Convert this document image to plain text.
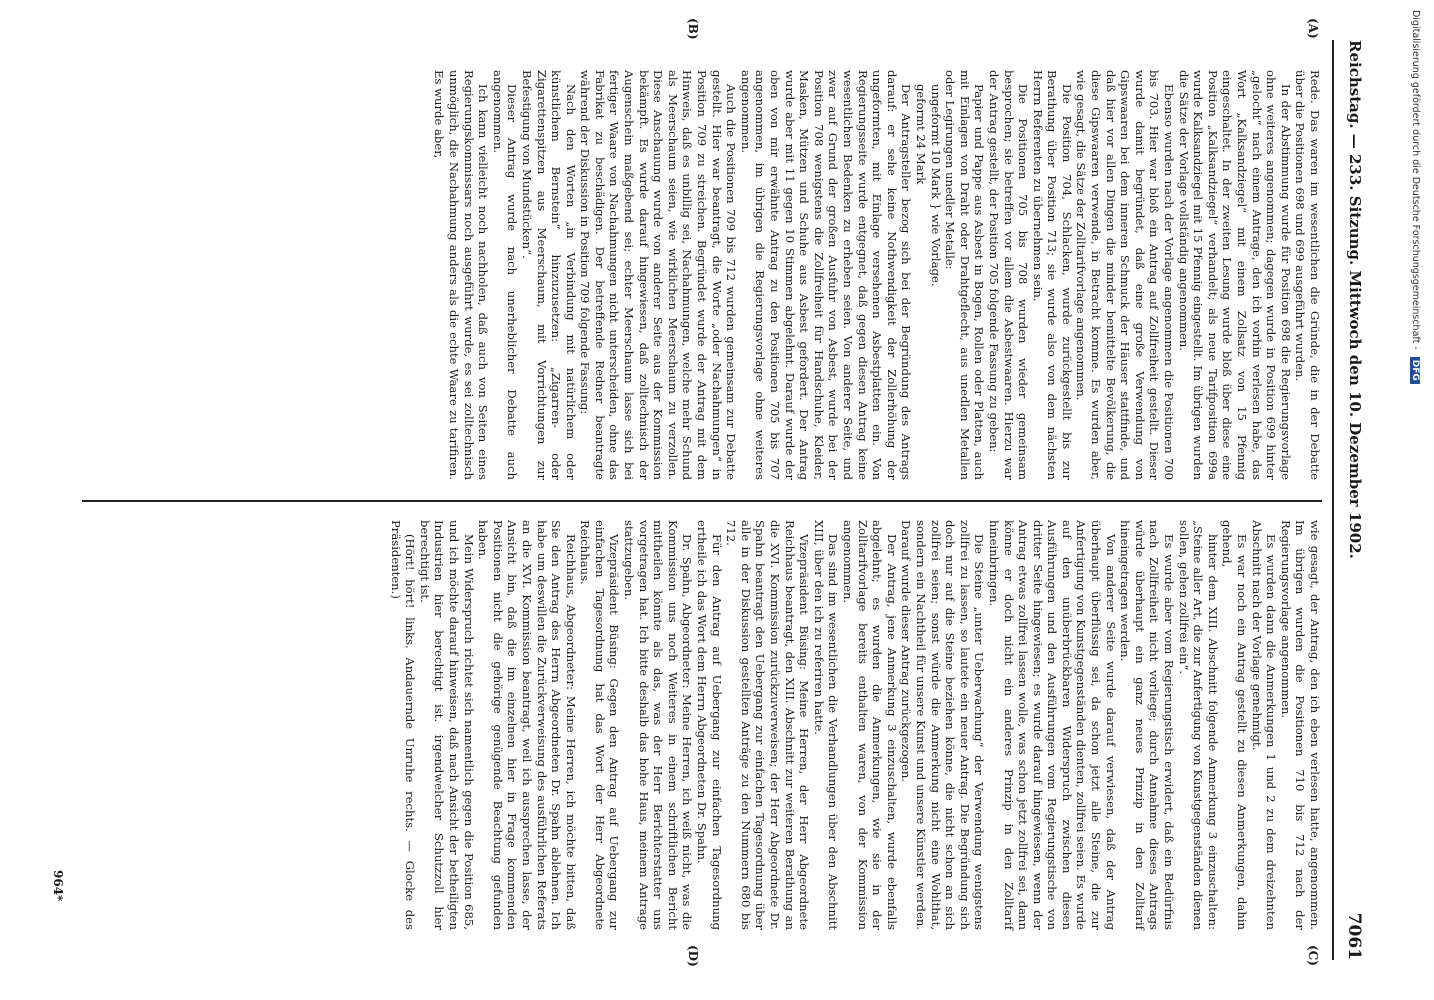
Reichstag. — 233. Sitzung. Mittwoch den 10. Dezember 1902.
7061
(A)
(B)
(C)
(D)

Rede. Das waren im wesentlichen die Gründe, die in der Debatte über die Positionen 698 und 699 ausgeführt wurden.

In der Abstimmung wurde für Position 698 die Regierungsvorlage ohne weiteres angenommen; dagegen wurde in Position 699 hinter „gelocht“ nach einem Antrage, den ich vorhin verlesen habe, das Wort „Kalksandziegel“ mit einem Zollsatz von 15 Pfennig eingeschaltet. In der zweiten Lesung wurde bloß über diese eine Position „Kalksandziegel“ verhandelt; als neue Tarifposition 699a wurde Kalksandziegel mit 15 Pfennig eingestellt. Im übrigen wurden die Sätze der Vorlage vollständig angenommen.

Ebenso wurden nach der Vorlage angenommen die Positionen 700 bis 703. Hier war bloß ein Antrag auf Zollfreiheit gestellt. Dieser wurde damit begründet, daß eine große Verwendung von Gipswaaren bei dem inneren Schmuck der Häuser stattfinde, und daß hier vor allen Dingen die minder bemittelte Bevölkerung, die diese Gipswaaren verwende, in Betracht komme. Es wurden aber, wie gesagt, die Sätze der Zolltarifvorlage angenommen.

Die Position 704, Schlacken, wurde zurückgestellt bis zur Berathung über Position 713; sie wurde also von dem nächsten Herrn Referenten zu übernehmen sein.

Die Positionen 705 bis 708 wurden wieder gemeinsam besprochen; sie betreffen vor allem die Asbestwaaren. Hierzu war der Antrag gestellt, der Position 705 folgende Fassung zu geben:

Papier und Pappe aus Asbest in Bogen, Rollen oder Platten, auch mit Einlagen von Draht oder Drahtgeflecht, aus unedlen Metallen oder Legirungen unedler Metalle:

ungeformt 10 Mark } wie Vorlage.

geformt 24 Mark

Der Antragsteller bezog sich bei der Begründung des Antrags darauf: er sehe keine Nothwendigkeit der Zollerhöhung der ungeformten, mit Einlage versehenen Asbestplatten ein. Von Regierungsseite wurde entgegnet, daß gegen diesen Antrag keine wesentlichen Bedenken zu erheben seien. Von anderer Seite, und zwar auf Grund der großen Ausfuhr von Asbest, wurde bei der Position 708 wenigstens die Zollfreiheit für Handschuhe, Kleider, Masken, Mützen und Schuhe aus Asbest gefordert. Der Antrag wurde aber mit 11 gegen 10 Stimmen abgelehnt. Darauf wurde der oben von mir erwähnte Antrag zu den Positionen 705 bis 707 angenommen, im übrigen die Regierungsvorlage ohne weiteres angenommen.

Auch die Positionen 709 bis 712 wurden gemeinsam zur Debatte gestellt. Hier war beantragt, die Worte „oder Nachahmungen“ in Position 709 zu streichen. Begründet wurde der Antrag mit dem Hinweis, daß es unbillig sei, Nachahmungen, welche mehr Schund als Meerschaum seien, wie wirklichen Meerschaum zu verzollen. Diese Anschauung wurde von anderer Seite aus der Kommission bekämpft. Es wurde darauf hingewiesen, daß zolltechnisch der Augenschein maßgebend sei; echter Meerschaum lasse sich bei fertiger Waare von Nachahmungen nicht unterscheiden, ohne das Fabrikat zu beschädigen. Der betreffende Redner beantragte während der Diskussion in Position 709 folgende Fassung:

Nach den Worten „in Verbindung mit natürlichem oder künstlichem Bernstein“ hinzuzusetzen: „Zigarren- oder Zigarettenspitzen aus Meerschaum, mit Vorrichtungen zur Befestigung von Mundstücken“.

Dieser Antrag wurde nach unerheblicher Debatte auch angenommen.

Ich kann vielleicht noch nachholen, daß auch von Seiten eines Regierungskommissars noch ausgeführt wurde, es sei zolltechnisch unmöglich, die Nachahmung anders als die echte Waare zu tarifiren. Es wurde aber,

wie gesagt, der Antrag, den ich eben verlesen hatte, angenommen. Im übrigen wurden die Positionen 710 bis 712 nach der Regierungsvorlage angenommen.

Es wurden dann die Anmerkungen 1 und 2 zu dem dreizehnten Abschnitt nach der Vorlage genehmigt.

Es war noch ein Antrag gestellt zu diesen Anmerkungen, dahin gehend,

hinter dem XIII. Abschnitt folgende Anmerkung 3 einzuschalten: „Steine aller Art, die zur Anfertigung von Kunstgegenständen dienen sollen, gehen zollfrei ein“.

Es wurde aber vom Regierungstisch erwidert, daß ein Bedürfnis nach Zollfreiheit nicht vorliege; durch Annahme dieses Antrags würde überhaupt ein ganz neues Prinzip in den Zolltarif hineingetragen werden.

Von anderer Seite wurde darauf verwiesen, daß der Antrag überhaupt überflüssig sei, da schon jetzt alle Steine, die zur Anfertigung von Kunstgegenständen dienten, zollfrei seien. Es wurde auf den unüberbrückbaren Widerspruch zwischen diesen Ausführungen und den Ausführungen vom Regierungstische von dritter Seite hingewiesen; es wurde darauf hingewiesen, wenn der Antrag etwas zollfrei lassen wolle, was schon jetzt zollfrei sei, dann könne er doch nicht ein anderes Prinzip in den Zolltarif hineinbringen.

Die Steine „unter Ueberwachung“ der Verwendung wenigstens zollfrei zu lassen, so lautete ein neuer Antrag. Die Begründung sich doch nur auf die Steine beziehen könne, die nicht schon an sich zollfrei seien; sonst würde die Anmerkung nicht eine Wohlthat, sondern ein Nachtheil für unsere Kunst und unsere Künstler werden. Darauf wurde dieser Antrag zurückgezogen.

Der Antrag, jene Anmerkung 3 einzuschalten, wurde ebenfalls abgelehnt; es wurden die Anmerkungen, wie sie in der Zolltarifvorlage bereits enthalten waren, von der Kommission angenommen.

Das sind im wesentlichen die Verhandlungen über den Abschnitt XIII, über den ich zu referiren hatte.

Vizepräsident Büsing: Meine Herren, der Herr Abgeordnete Reichhaus beantragt, den XIII. Abschnitt zur weiteren Berathung an die XVI. Kommission zurückzuverweisen; der Herr Abgeordnete Dr. Spahn beantragt den Uebergang zur einfachen Tagesordnung über alle in der Diskussion gestellten Anträge zu den Nummern 680 bis 712.

Für den Antrag auf Uebergang zur einfachen Tagesordnung ertheile ich das Wort dem Herrn Abgeordneten Dr. Spahn.

Dr. Spahn, Abgeordneter: Meine Herren, ich weiß nicht, was die Kommission uns noch Weiteres in einem schriftlichen Bericht mittheilen könnte als das, was der Herr Berichterstatter uns vorgetragen hat. Ich bitte deshalb das hohe Haus, meinem Antrage stattzugeben.

Vizepräsident Büsing: Gegen den Antrag auf Uebergang zur einfachen Tagesordnung hat das Wort der Herr Abgeordnete Reichhaus.

Reichhaus, Abgeordneter: Meine Herren, ich möchte bitten, daß Sie den Antrag des Herrn Abgeordneten Dr. Spahn ablehnen. Ich habe um deswillen die Zurückverweisung des ausführlichen Referats an die XVI. Kommission beantragt, weil ich aussprechen lasse, der Ansicht bin, daß die im einzelnen hier in Frage kommenden Positionen nicht die gehörige genügende Beachtung gefunden haben.

Mein Widerspruch richtet sich namentlich gegen die Position 685, und ich möchte darauf hinweisen, daß nach Ansicht der betheiligten Industrien hier berechtigt ist. irgendwelcher Schutzzoll hier berechtigt ist.

(Hört! hört! links. Andauernde Unruhe rechts. — Glocke des Präsidenten.)

964*
Digitalisierung gefördert durch die Deutsche Forschungsgemeinschaft - DFG
